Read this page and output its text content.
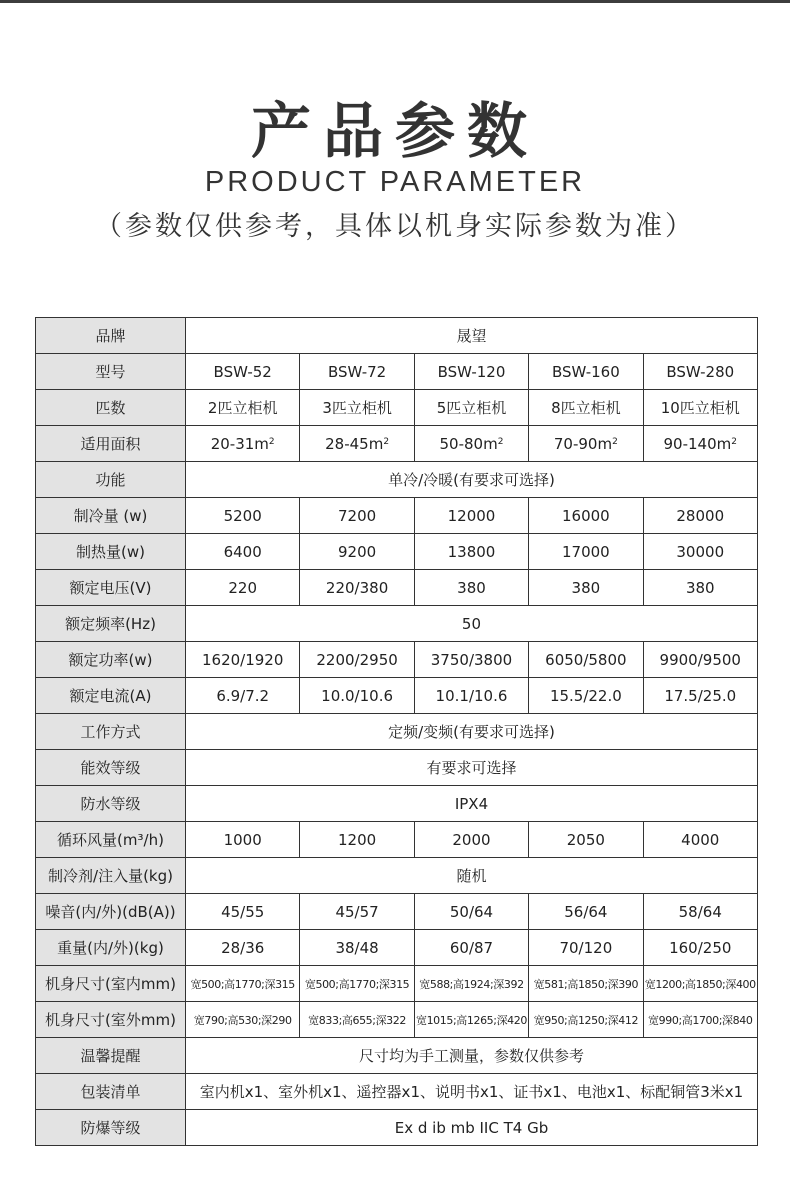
产品参数
PRODUCT PARAMETER
（参数仅供参考，具体以机身实际参数为准）
品牌	晟望				
型号	BSW-52	BSW-72	BSW-120	BSW-160	BSW-280
匹数	2匹立柜机	3匹立柜机	5匹立柜机	8匹立柜机	10匹立柜机
适用面积	$20-31m^2$	$28-45m^2$	$50-80m^2$	$70-90m^2$	$90-140m^2$
功能	单冷/冷暖(有要求可选择)				
制冷量 (w)	5200	7200	12000	16000	28000
制热量(w)	6400	9200	13800	17000	30000
额定电压(V)	220	220/380	380	380	380
额定频率(Hz)	50				
额定功率(w)	1620/1920	2200/2950	3750/3800	6050/5800	9900/9500
额定电流(A)	6.9/7.2	10.0/10.6	10.1/10.6	15.5/22.0	17.5/25.0
工作方式	定频/变频(有要求可选择)				
能效等级	有要求可选择				
防水等级	IPX4				
循环风量(m³/h)	1000	1200	2000	2050	4000
制冷剂/注入量(kg)	随机				
噪音(内/外)(dB(A))	45/55	45/57	50/64	56/64	58/64
重量(内/外)(kg)	28/36	38/48	60/87	70/120	160/250
机身尺寸(室内mm)	宽500;高1770;深315	宽500;高1770;深315	宽588;高1924;深392	宽581;高1850;深390	宽1200;高1850;深400
机身尺寸(室外mm)	宽790;高530;深290	宽833;高655;深322	宽1015;高1265;深420	宽950;高1250;深412	宽990;高1700;深840
温馨提醒	尺寸均为手工测量，参数仅供参考				
包装清单	室内机x1、室外机x1、遥控器x1、说明书x1、证书x1、电池x1、标配铜管3米x1				
防爆等级	Ex d ib mb IIC T4 Gb				
